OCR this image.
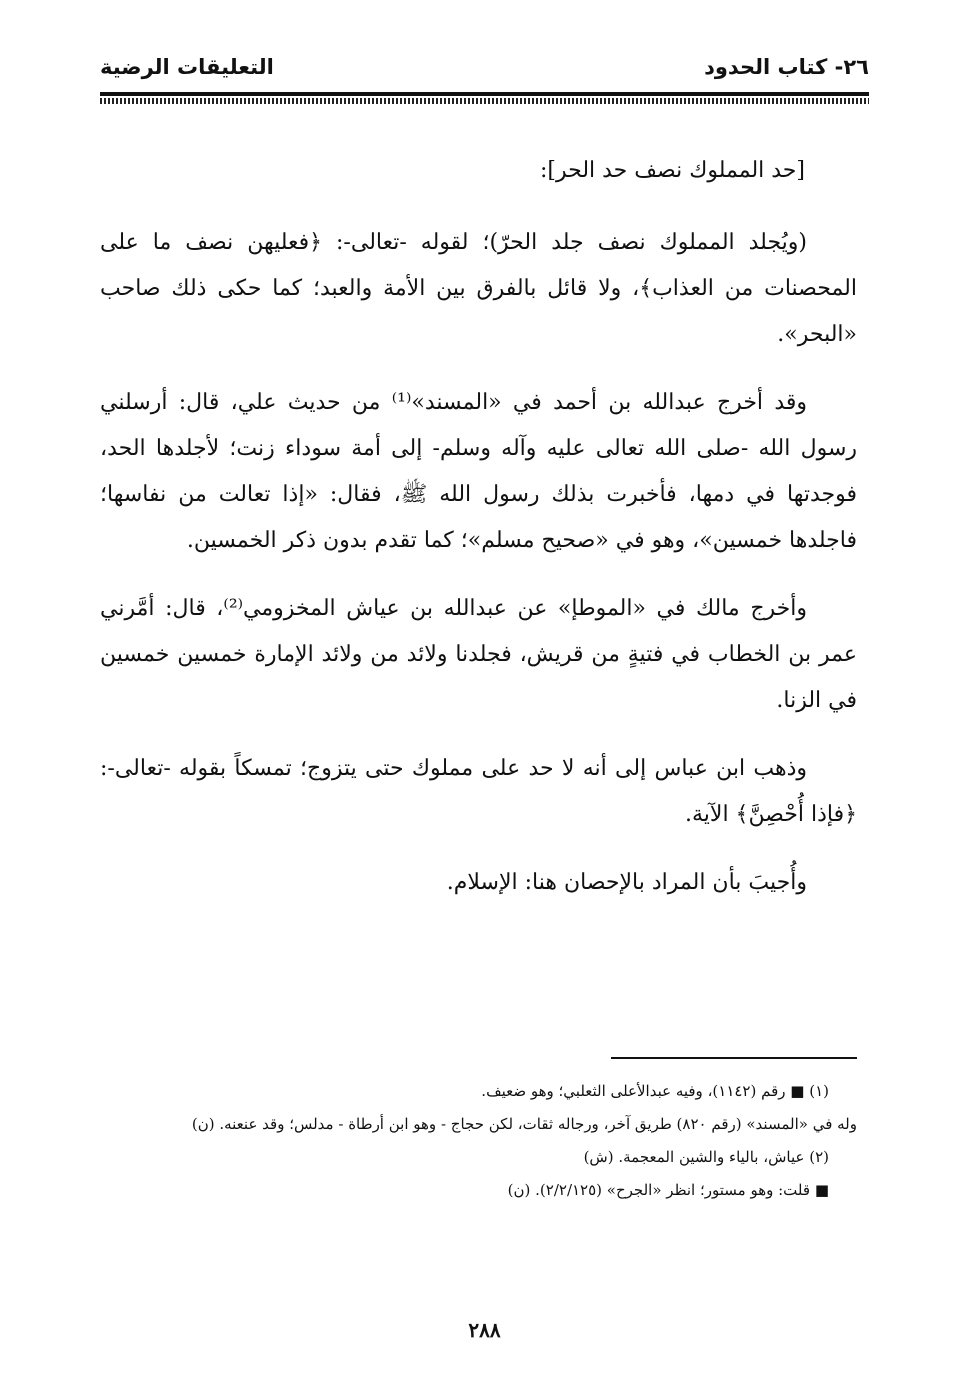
٢٦- كتاب الحدود
التعليقات الرضية

[حد المملوك نصف حد الحر]:

(ويُجلد المملوك نصف جلد الحرّ)؛ لقوله -تعالى-: ﴿فعليهن نصف ما على المحصنات من العذاب﴾، ولا قائل بالفرق بين الأمة والعبد؛ كما حكى ذلك صاحب «البحر».

وقد أخرج عبدالله بن أحمد في «المسند»⁽¹⁾ من حديث علي، قال: أرسلني رسول الله -صلى الله تعالى عليه وآله وسلم- إلى أمة سوداء زنت؛ لأجلدها الحد، فوجدتها في دمها، فأخبرت بذلك رسول الله ﷺ، فقال: «إذا تعالت من نفاسها؛ فاجلدها خمسين»، وهو في «صحيح مسلم»؛ كما تقدم بدون ذكر الخمسين.

وأخرج مالك في «الموطإ» عن عبدالله بن عياش المخزومي⁽²⁾، قال: أمَّرني عمر بن الخطاب في فتيةٍ من قريش، فجلدنا ولائد من ولائد الإمارة خمسين خمسين في الزنا.

وذهب ابن عباس إلى أنه لا حد على مملوك حتى يتزوج؛ تمسكاً بقوله -تعالى-: ﴿فإذا أُحْصِنَّ﴾ الآية.

وأُجيبَ بأن المراد بالإحصان هنا: الإسلام.

(١) ■ رقم (١١٤٢)، وفيه عبدالأعلى الثعلبي؛ وهو ضعيف.

وله في «المسند» (رقم ٨٢٠) طريق آخر، ورجاله ثقات، لكن حجاج - وهو ابن أرطاة - مدلس؛ وقد عنعنه. (ن)

(٢) عياش، بالياء والشين المعجمة. (ش)

■ قلت: وهو مستور؛ انظر «الجرح» (٢/٢/١٢٥). (ن)

٢٨٨
